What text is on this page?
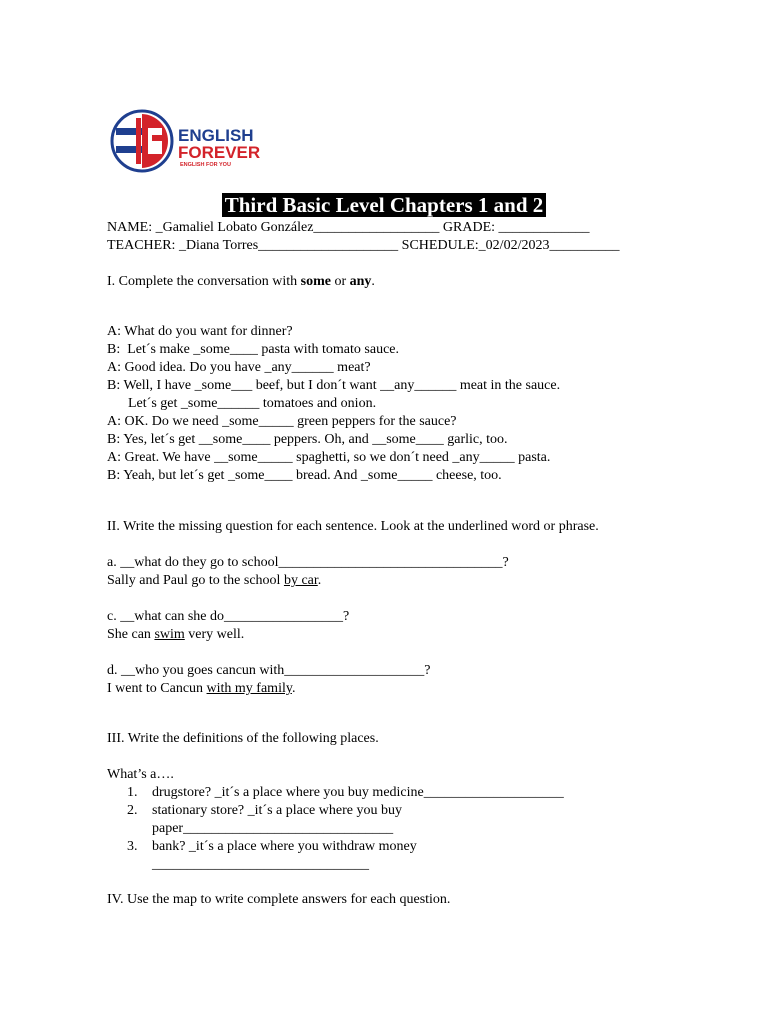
ENGLISH
FOREVER
ENGLISH FOR YOU
Third Basic Level Chapters 1 and 2
NAME: _Gamaliel Lobato González__________________ GRADE: _____________
TEACHER: _Diana Torres____________________ SCHEDULE:_02/02/2023__________
I. Complete the conversation with some or any.
A: What do you want for dinner?
B:  Let´s make _some____ pasta with tomato sauce.
A: Good idea. Do you have _any______ meat?
B: Well, I have _some___ beef, but I don´t want __any______ meat in the sauce.
Let´s get _some______ tomatoes and onion.
A: OK. Do we need _some_____ green peppers for the sauce?
B: Yes, let´s get __some____ peppers. Oh, and __some____ garlic, too.
A: Great. We have __some_____ spaghetti, so we don´t need _any_____ pasta.
B: Yeah, but let´s get _some____ bread. And _some_____ cheese, too.
II. Write the missing question for each sentence. Look at the underlined word or phrase.
a. __what do they go to school________________________________?
Sally and Paul go to the school by car.
c. __what can she do_________________?
She can swim very well.
d. __who you goes cancun with____________________?
I went to Cancun with my family.
III. Write the definitions of the following places.
What’s a….
1. drugstore? _it´s a place where you buy medicine____________________
2. stationary store? _it´s a place where you buy
paper______________________________
3. bank? _it´s a place where you withdraw money
_______________________________
IV. Use the map to write complete answers for each question.
